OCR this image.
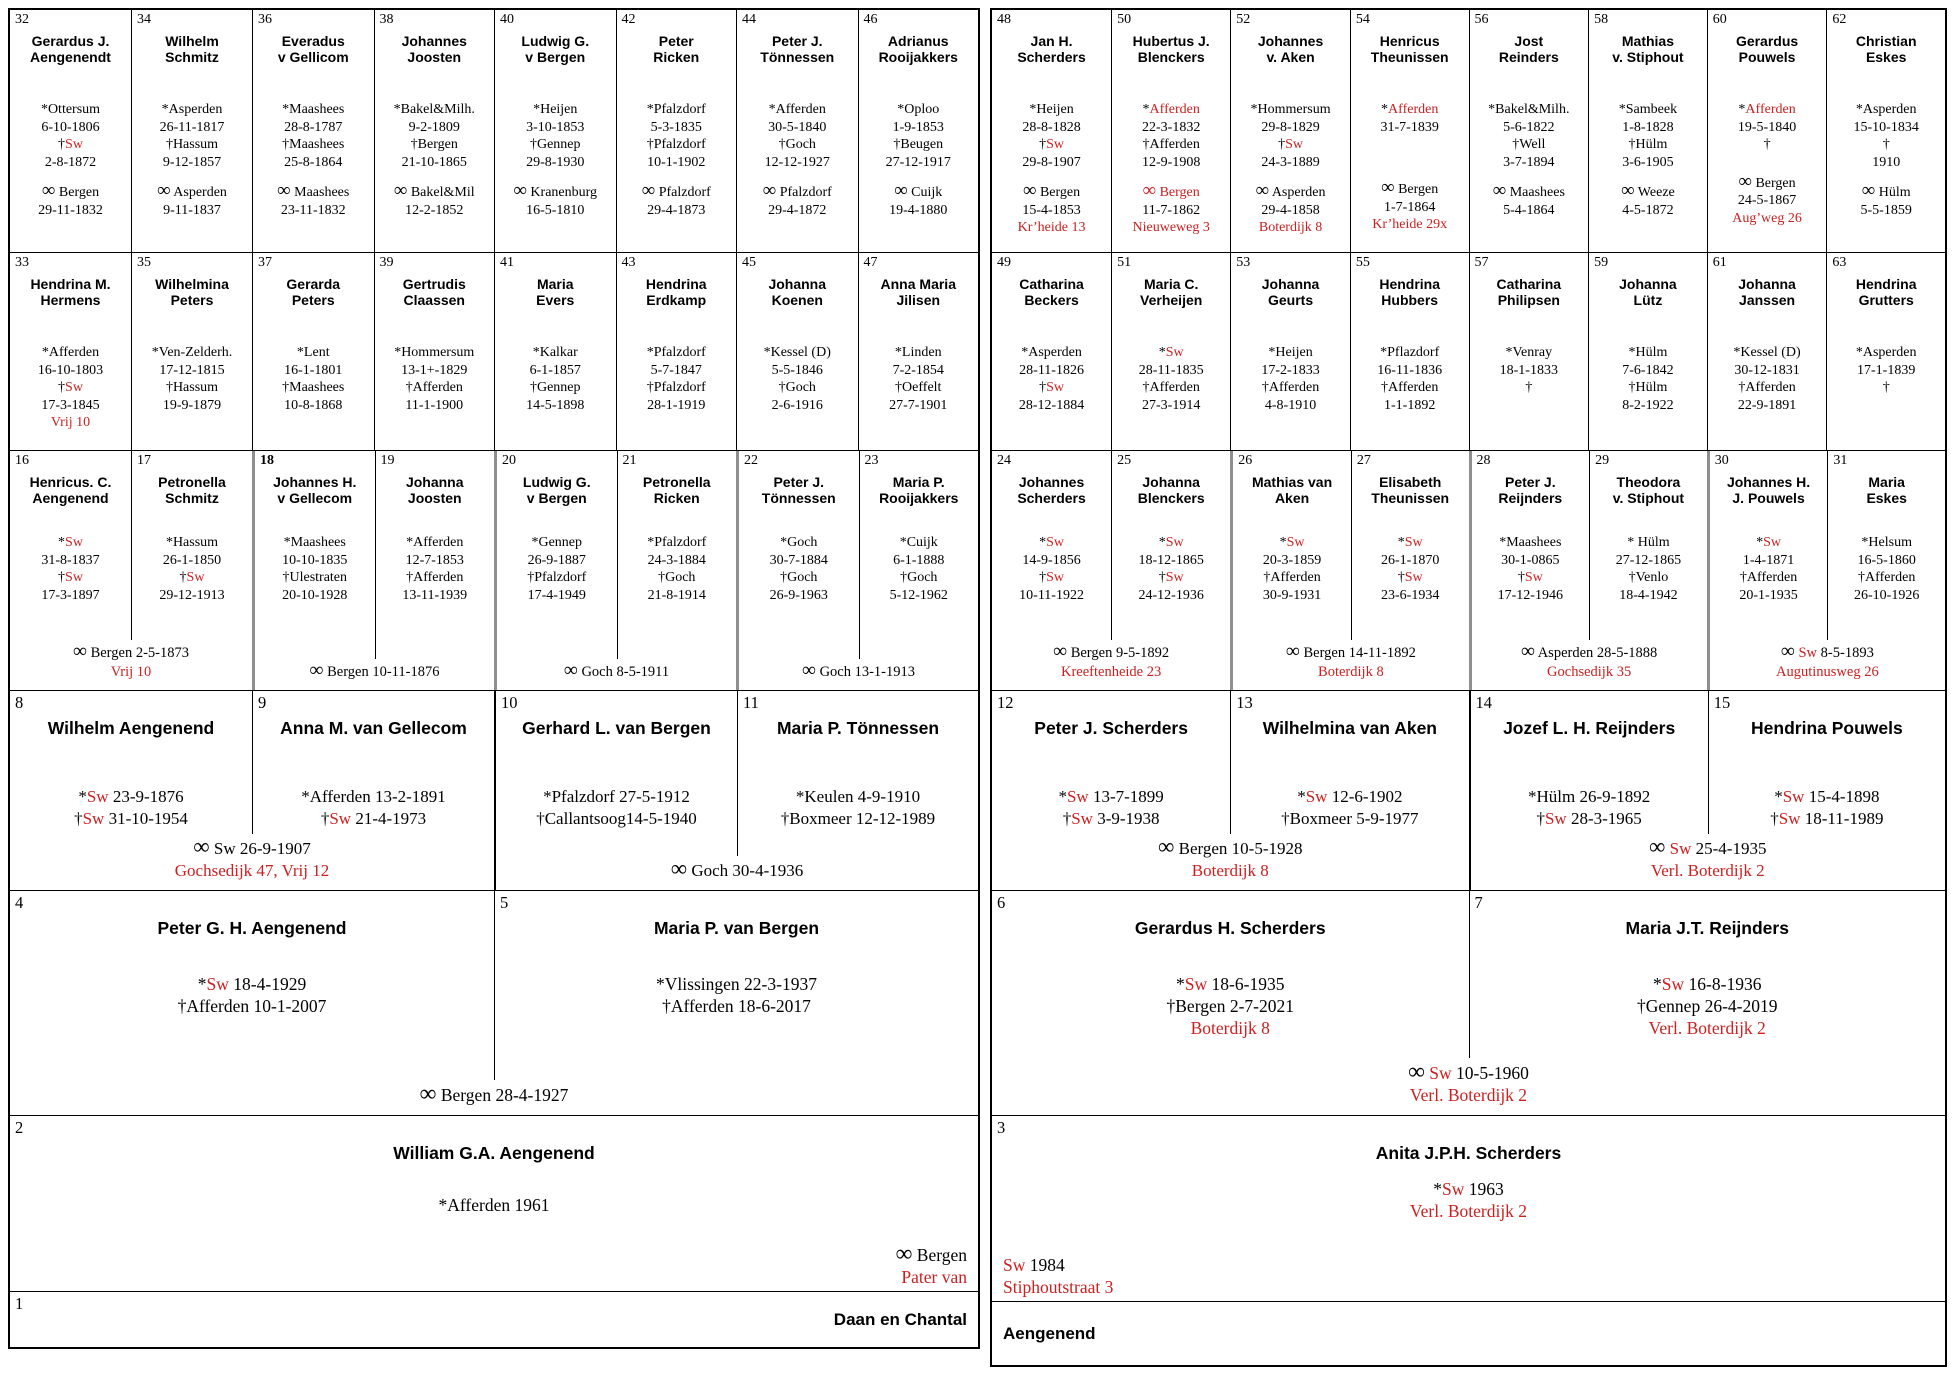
32
Gerardus J.
Aengenendt
*Ottersum
6-10-1806
†Sw
2-8-1872
∞ Bergen
29-11-1832
34
Wilhelm
Schmitz
*Asperden
26-11-1817
†Hassum
9-12-1857
∞ Asperden
9-11-1837
36
Everadus
v Gellicom
*Maashees
28-8-1787
†Maashees
25-8-1864
∞ Maashees
23-11-1832
38
Johannes
Joosten
*Bakel&Milh.
9-2-1809
†Bergen
21-10-1865
∞ Bakel&Mil
12-2-1852
40
Ludwig G.
v Bergen
*Heijen
3-10-1853
†Gennep
29-8-1930
∞ Kranenburg
16-5-1810
42
Peter
Ricken
*Pfalzdorf
5-3-1835
†Pfalzdorf
10-1-1902
∞ Pfalzdorf
29-4-1873
44
Peter J.
Tönnessen
*Afferden
30-5-1840
†Goch
12-12-1927
∞ Pfalzdorf
29-4-1872
46
Adrianus
Rooijakkers
*Oploo
1-9-1853
†Beugen
27-12-1917
∞ Cuijk
19-4-1880
33
Hendrina M.
Hermens
*Afferden
16-10-1803
†Sw
17-3-1845
Vrij 10
35
Wilhelmina
Peters
*Ven-Zelderh.
17-12-1815
†Hassum
19-9-1879
37
Gerarda
Peters
*Lent
16-1-1801
†Maashees
10-8-1868
39
Gertrudis
Claassen
*Hommersum
13-1+-1829
†Afferden
11-1-1900
41
Maria
Evers
*Kalkar
6-1-1857
†Gennep
14-5-1898
43
Hendrina
Erdkamp
*Pfalzdorf
5-7-1847
†Pfalzdorf
28-1-1919
45
Johanna
Koenen
*Kessel (D)
5-5-1846
†Goch
2-6-1916
47
Anna Maria
Jilisen
*Linden
7-2-1854
†Oeffelt
27-7-1901
16
Henricus. C.
Aengenend
*Sw
31-8-1837
†Sw
17-3-1897
17
Petronella
Schmitz
*Hassum
26-1-1850
†Sw
29-12-1913
∞ Bergen 2-5-1873
Vrij 10
18
Johannes H.
v Gellecom
*Maashees
10-10-1835
†Ulestraten
20-10-1928
19
Johanna
Joosten
*Afferden
12-7-1853
†Afferden
13-11-1939
∞ Bergen 10-11-1876
20
Ludwig G.
v Bergen
*Gennep
26-9-1887
†Pfalzdorf
17-4-1949
21
Petronella
Ricken
*Pfalzdorf
24-3-1884
†Goch
21-8-1914
∞ Goch 8-5-1911
22
Peter J.
Tönnessen
*Goch
30-7-1884
†Goch
26-9-1963
23
Maria P.
Rooijakkers
*Cuijk
6-1-1888
†Goch
5-12-1962
∞ Goch 13-1-1913
8
Wilhelm Aengenend
*Sw 23-9-1876
†Sw 31-10-1954
9
Anna M. van Gellecom
*Afferden 13-2-1891
†Sw 21-4-1973
∞ Sw 26-9-1907
Gochsedijk 47, Vrij 12
10
Gerhard L. van Bergen
*Pfalzdorf 27-5-1912
†Callantsoog14-5-1940
11
Maria P. Tönnessen
*Keulen 4-9-1910
†Boxmeer 12-12-1989
∞ Goch 30-4-1936
4
Peter G. H. Aengenend
*Sw 18-4-1929
†Afferden 10-1-2007
5
Maria P. van Bergen
*Vlissingen 22-3-1937
†Afferden 18-6-2017
∞ Bergen 28-4-1927
2
William G.A. Aengenend
*Afferden 1961
∞ Bergen
Pater van
1
Daan en Chantal
48
Jan H.
Scherders
*Heijen
28-8-1828
†Sw
29-8-1907
∞ Bergen
15-4-1853
Kr’heide 13
50
Hubertus J.
Blenckers
*Afferden
22-3-1832
†Afferden
12-9-1908
∞ Bergen
11-7-1862
Nieuweweg 3
52
Johannes
v. Aken
*Hommersum
29-8-1829
†Sw
24-3-1889
∞ Asperden
29-4-1858
Boterdijk 8
54
Henricus
Theunissen
*Afferden
31-7-1839
∞ Bergen
1-7-1864
Kr’heide 29x
56
Jost
Reinders
*Bakel&Milh.
5-6-1822
†Well
3-7-1894
∞ Maashees
5-4-1864
58
Mathias
v. Stiphout
*Sambeek
1-8-1828
†Hülm
3-6-1905
∞ Weeze
4-5-1872
60
Gerardus
Pouwels
*Afferden
19-5-1840
†
∞ Bergen
24-5-1867
Aug’weg 26
62
Christian
Eskes
*Asperden
15-10-1834
†
1910
∞ Hülm
5-5-1859
49
Catharina
Beckers
*Asperden
28-11-1826
†Sw
28-12-1884
51
Maria C.
Verheijen
*Sw
28-11-1835
†Afferden
27-3-1914
53
Johanna
Geurts
*Heijen
17-2-1833
†Afferden
4-8-1910
55
Hendrina
Hubbers
*Pflazdorf
16-11-1836
†Afferden
1-1-1892
57
Catharina
Philipsen
*Venray
18-1-1833
†
59
Johanna
Lütz
*Hülm
7-6-1842
†Hülm
8-2-1922
61
Johanna
Janssen
*Kessel (D)
30-12-1831
†Afferden
22-9-1891
63
Hendrina
Grutters
*Asperden
17-1-1839
†
24
Johannes
Scherders
*Sw
14-9-1856
†Sw
10-11-1922
25
Johanna
Blenckers
*Sw
18-12-1865
†Sw
24-12-1936
∞ Bergen 9-5-1892
Kreeftenheide 23
26
Mathias van
Aken
*Sw
20-3-1859
†Afferden
30-9-1931
27
Elisabeth
Theunissen
*Sw
26-1-1870
†Sw
23-6-1934
∞ Bergen 14-11-1892
Boterdijk 8
28
Peter J.
Reijnders
*Maashees
30-1-0865
†Sw
17-12-1946
29
Theodora
v. Stiphout
* Hülm
27-12-1865
†Venlo
18-4-1942
∞ Asperden 28-5-1888
Gochsedijk 35
30
Johannes H.
J. Pouwels
*Sw
1-4-1871
†Afferden
20-1-1935
31
Maria
Eskes
*Helsum
16-5-1860
†Afferden
26-10-1926
∞ Sw 8-5-1893
Augutinusweg 26
12
Peter J. Scherders
*Sw 13-7-1899
†Sw 3-9-1938
13
Wilhelmina van Aken
*Sw 12-6-1902
†Boxmeer 5-9-1977
∞ Bergen 10-5-1928
Boterdijk 8
14
Jozef L. H. Reijnders
*Hülm 26-9-1892
†Sw 28-3-1965
15
Hendrina Pouwels
*Sw 15-4-1898
†Sw 18-11-1989
∞ Sw 25-4-1935
Verl. Boterdijk 2
6
Gerardus H. Scherders
*Sw 18-6-1935
†Bergen 2-7-2021
Boterdijk 8
7
Maria J.T. Reijnders
*Sw 16-8-1936
†Gennep 26-4-2019
Verl. Boterdijk 2
∞ Sw 10-5-1960
Verl. Boterdijk 2
3
Anita J.P.H. Scherders
*Sw 1963
Verl. Boterdijk 2
Sw 1984
Stiphoutstraat 3
Aengenend
